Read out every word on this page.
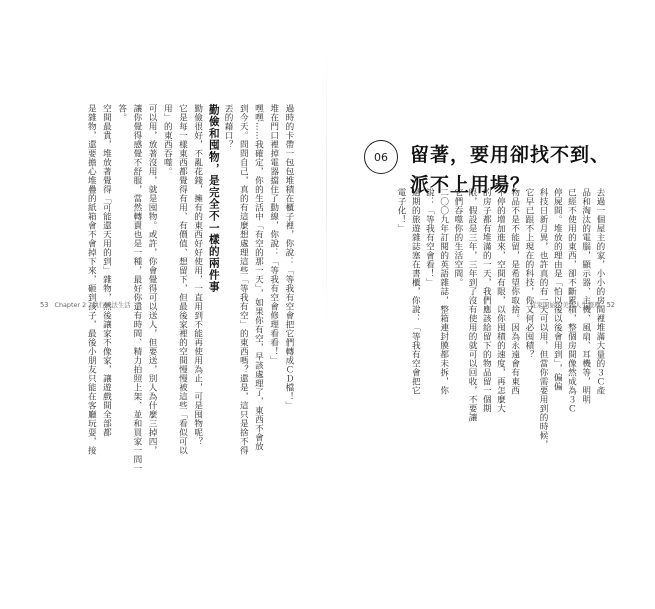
過時的卡帶一包包堆積在櫃子裡，你說：「等我有空會把它們轉成ＣＤ檔！」
堆在門口裡掉電器擋住了動線，你說：「等我有空會修理看看！」
嘿嘿……我確定，你的生活中「有空的那一天」，如果你有空，早該處理了，東西不會放
到今天。問問自己，真的有這麼想處理這些「等我有空」的東西嗎？還是，這只是捨不得
丟的藉口？
勤儉和囤物，是完全不一樣的兩件事
勤儉很好，不亂花錢，擁有的東西好好使用，一直用到不能再使用為止，可是囤物呢？
它是每一樣東西都覺得有用、有價值、想留下，但最後家裡的空間慢慢被這些「看似可以
用」的東西吞噬。
可以用，放著沒用，就是囤物。或許，你會覺得可以送人，但要送，別人為什麼三掉四，
讓你覺得感覺不舒服，當然轉賣也是一種，最好你還有時間、精力拍照上架、並和買家一問一
答。
空間最貴，堆放著覺得「可能還天用的到」雜物，然後讓家不像家，讓遊戲間全部都
是雜物，還要擔心堆疊的紙箱會不會掉下來，砸到孩子，最後小朋友只能在客廳玩耍，接	06	留著，要用卻找不到、
派不上用場？
去過一個屋主的家，小小的房間裡堆滿大量的３Ｃ產
品和淘汰的電腦，顯示器、主機、風扇、耳機等，明明
已經不使用的東西，卻不斷累積，整個房間像然成為３Ｃ
停屍間。堆放的理由是「怕以後以後會用到」，偏偏
科技日新月異，也許真的有一天可以用，但當你需要用到的時候，
它早已跟不上現在的科技，你又何必囤積？
物品不是不能留，是希望你取捨。因為永遠會有東西
不停的增加進來，空間有限，以你囤積的速度，再怎麼大
的房子都有堆滿的一天，我們應該給留下的物品留一個期
限，假設是三年，三年到了沒有使用的就可以回收，不要讓
它們吞噬你的生活空間。
二〇〇九年訂閱的英語雜誌，整箱連封膜都未拆，你
說：「等我有空會看！」
過期的旅遊雜誌塞在書櫃，你說：「等我有空會把它
電子化！」
53 Chapter 2 執行減法生活	從家開始的美好人生整理 52
